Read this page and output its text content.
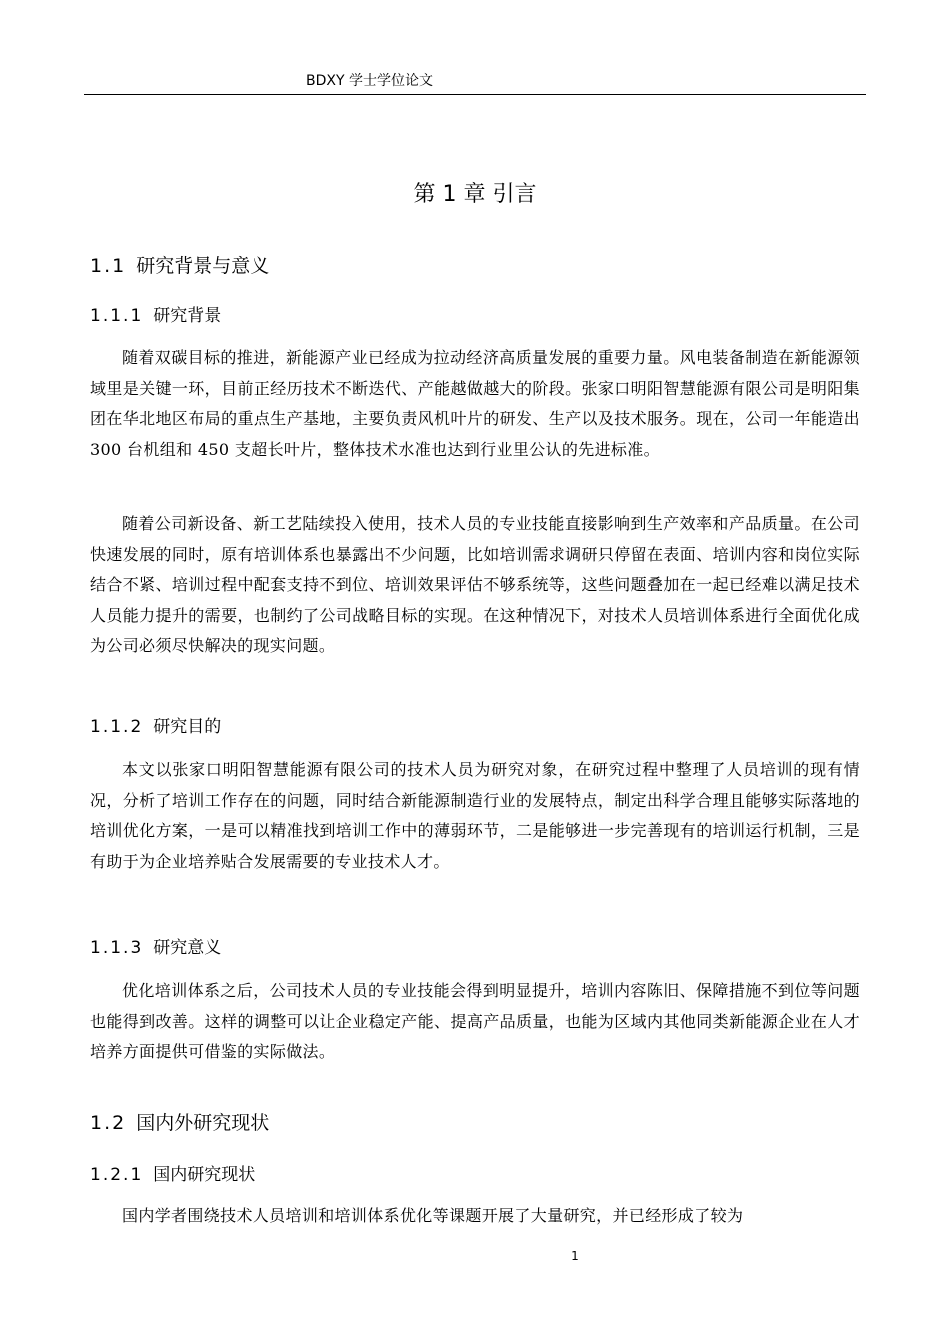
BDXY 学士学位论文
第 1 章 引言
1.1 研究背景与意义
1.1.1 研究背景

随着双碳目标的推进，新能源产业已经成为拉动经济高质量发展的重要力量。风电装备制造在新能源领域里是关键一环，目前正经历技术不断迭代、产能越做越大的阶段。张家口明阳智慧能源有限公司是明阳集团在华北地区布局的重点生产基地，主要负责风机叶片的研发、生产以及技术服务。现在，公司一年能造出 300 台机组和 450 支超长叶片，整体技术水准也达到行业里公认的先进标准。

随着公司新设备、新工艺陆续投入使用，技术人员的专业技能直接影响到生产效率和产品质量。在公司快速发展的同时，原有培训体系也暴露出不少问题，比如培训需求调研只停留在表面、培训内容和岗位实际结合不紧、培训过程中配套支持不到位、培训效果评估不够系统等，这些问题叠加在一起已经难以满足技术人员能力提升的需要，也制约了公司战略目标的实现。在这种情况下，对技术人员培训体系进行全面优化成为公司必须尽快解决的现实问题。

1.1.2 研究目的

本文以张家口明阳智慧能源有限公司的技术人员为研究对象，在研究过程中整理了人员培训的现有情况，分析了培训工作存在的问题，同时结合新能源制造行业的发展特点，制定出科学合理且能够实际落地的培训优化方案，一是可以精准找到培训工作中的薄弱环节，二是能够进一步完善现有的培训运行机制，三是有助于为企业培养贴合发展需要的专业技术人才。

1.1.3 研究意义

优化培训体系之后，公司技术人员的专业技能会得到明显提升，培训内容陈旧、保障措施不到位等问题也能得到改善。这样的调整可以让企业稳定产能、提高产品质量，也能为区域内其他同类新能源企业在人才培养方面提供可借鉴的实际做法。

1.2 国内外研究现状
1.2.1 国内研究现状

国内学者围绕技术人员培训和培训体系优化等课题开展了大量研究，并已经形成了较为

1
